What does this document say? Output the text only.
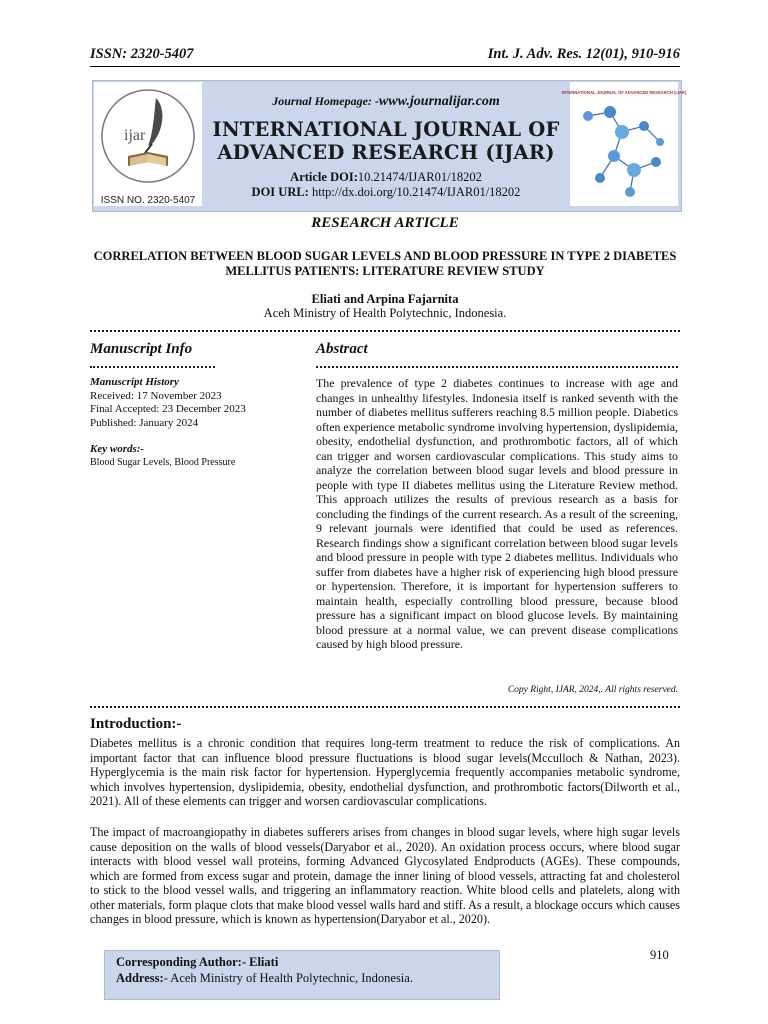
ISSN: 2320-5407	Int. J. Adv. Res. 12(01), 910-916
ijar
ISSN NO. 2320-5407
INTERNATIONAL JOURNAL OF ADVANCED RESEARCH (IJAR)
Journal Homepage: -www.journalijar.com
INTERNATIONAL JOURNAL OF
ADVANCED RESEARCH (IJAR)
Article DOI:10.21474/IJAR01/18202
DOI URL: http://dx.doi.org/10.21474/IJAR01/18202
RESEARCH ARTICLE
CORRELATION BETWEEN BLOOD SUGAR LEVELS AND BLOOD PRESSURE IN TYPE 2 DIABETES
MELLITUS PATIENTS: LITERATURE REVIEW STUDY
Eliati and Arpina Fajarnita
Aceh Ministry of Health Polytechnic, Indonesia.
Manuscript Info	Abstract
Manuscript History
Received: 17 November 2023
Final Accepted: 23 December 2023
Published: January 2024
Key words:-
Blood Sugar Levels, Blood Pressure
The prevalence of type 2 diabetes continues to increase with age and changes in unhealthy lifestyles. Indonesia itself is ranked seventh with the number of diabetes mellitus sufferers reaching 8.5 million people. Diabetics often experience metabolic syndrome involving hypertension, dyslipidemia, obesity, endothelial dysfunction, and prothrombotic factors, all of which can trigger and worsen cardiovascular complications. This study aims to analyze the correlation between blood sugar levels and blood pressure in people with type II diabetes mellitus using the Literature Review method. This approach utilizes the results of previous research as a basis for concluding the findings of the current research. As a result of the screening, 9 relevant journals were identified that could be used as references. Research findings show a significant correlation between blood sugar levels and blood pressure in people with type 2 diabetes mellitus. Individuals who suffer from diabetes have a higher risk of experiencing high blood pressure or hypertension. Therefore, it is important for hypertension sufferers to maintain health, especially controlling blood pressure, because blood pressure has a significant impact on blood glucose levels. By maintaining blood pressure at a normal value, we can prevent disease complications caused by high blood pressure.
Copy Right, IJAR, 2024,. All rights reserved.
Introduction:-
Diabetes mellitus is a chronic condition that requires long-term treatment to reduce the risk of complications. An important factor that can influence blood pressure fluctuations is blood sugar levels(Mcculloch & Nathan, 2023). Hyperglycemia is the main risk factor for hypertension. Hyperglycemia frequently accompanies metabolic syndrome, which involves hypertension, dyslipidemia, obesity, endothelial dysfunction, and prothrombotic factors(Dilworth et al., 2021). All of these elements can trigger and worsen cardiovascular complications.
The impact of macroangiopathy in diabetes sufferers arises from changes in blood sugar levels, where high sugar levels cause deposition on the walls of blood vessels(Daryabor et al., 2020). An oxidation process occurs, where blood sugar interacts with blood vessel wall proteins, forming Advanced Glycosylated Endproducts (AGEs). These compounds, which are formed from excess sugar and protein, damage the inner lining of blood vessels, attracting fat and cholesterol to stick to the blood vessel walls, and triggering an inflammatory reaction. White blood cells and platelets, along with other materials, form plaque clots that make blood vessel walls hard and stiff. As a result, a blockage occurs which causes changes in blood pressure, which is known as hypertension(Daryabor et al., 2020).
910
Corresponding Author:- Eliati
Address:- Aceh Ministry of Health Polytechnic, Indonesia.
